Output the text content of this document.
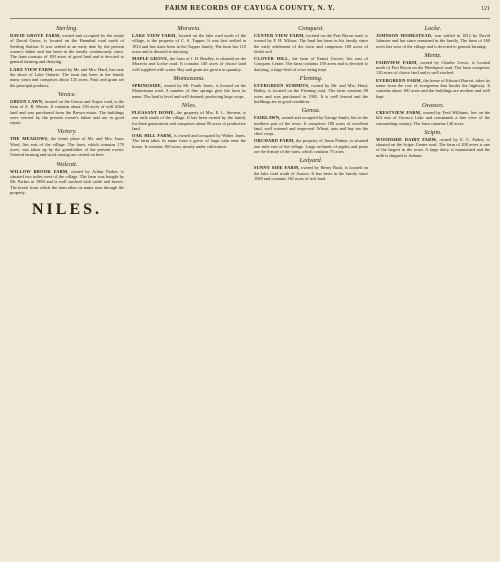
FARM RECORDS OF CAYUGA COUNTY, N. Y.	121
Sterling.

DAVID GROVE FARM, owned and occupied by the estate of David Grove, is located on the Hannibal road north of Sterling Station. It was settled at an early date by the present owner's father and has been in the family continuously since. The farm consists of 100 acres of good land and is devoted to general farming and dairying.

LAKE VIEW FARM, owned by Mr. and Mrs. Hurd, lies near the shore of Lake Ontario. The farm has been in the family many years and comprises about 125 acres. Fruit and grain are the principal products.

Venice.

GREEN LAWN, located on the Genoa and Scipio road, is the farm of A. B. Morris. It contains about 150 acres of well tilled land and was purchased from the Brown estate. The buildings were erected by the present owner's father and are in good repair.

Victory.

THE MEADOWS, the home place of Mr. and Mrs. Isaac Ward, lies east of the village. The farm, which contains 170 acres, was taken up by the grandfather of the present owner. General farming and stock raising are carried on here.

Wolcott.

WILLOW BROOK FARM, owned by Arthur Parker, is situated two miles west of the village. The farm was bought by Mr. Parker in 1889 and is well stocked with cattle and horses. The brook from which the farm takes its name runs through the property.

NILES.
Moravia.

LAKE VIEW FARM, located on the lake road north of the village, is the property of C. S. Tupper. It was first settled in 1812 and has since been in the Tupper family. The farm has 110 acres and is devoted to dairying.

MAPLE GROVE, the farm of J. H. Bradley, is situated on the Moravia and Locke road. It contains 140 acres of choice land well supplied with water. Hay and grain are grown in quantity.

Montezuma.

SPRINGSIDE, owned by Mr. Frank Jones, is located on the Montezuma road. A number of fine springs give the farm its name. The land is level and well drained, producing large crops.

Niles.

PLEASANT HOME, the property of Mrs. E. L. Stevens, is one mile south of the village. It has been owned by the family for three generations and comprises about 90 acres of productive land.

OAK HILL FARM, is owned and occupied by Walter Jones. The farm takes its name from a grove of large oaks near the house. It contains 160 acres, mostly under cultivation.

Conquest.

CENTER VIEW FARM, located on the Port Byron road, is owned by F. H. Wilson. The land has been in his family since the early settlement of the town and comprises 100 acres of fertile soil.

CLOVER HILL, the farm of Ernest Grover, lies east of Conquest Center. The farm contains 150 acres and is devoted to dairying, a large herd of cows being kept.

Fleming.

EVERGREEN SUMMITS, owned by Mr. and Mrs. Harry Bailey, is located on the Fleming road. The farm contains 90 acres and was purchased in 1902. It is well fenced and the buildings are in good condition.

Genoa.

FAIRLAWN, owned and occupied by George Smith, lies in the northern part of the town. It comprises 180 acres of excellent land, well watered and improved. Wheat, oats and hay are the chief crops.

ORCHARD FARM, the property of Jason Palmer, is situated one mile east of the village. Large orchards of apples and pears are the feature of the farm, which contains 75 acres.

Ledyard.

SUNNY SIDE FARM, owned by Henry Bush, is located on the lake road south of Aurora. It has been in the family since 1840 and contains 130 acres of rich land.

Locke.

JOHNSON HOMESTEAD, was settled in 1812 by David Johnson and has since remained in the family. The farm of 160 acres lies west of the village and is devoted to general farming.

Mentz.

FAIRVIEW FARM, owned by Charles Lewis, is located north of Port Byron on the Weedsport road. The farm comprises 120 acres of choice land and is well stocked.

EVERGREEN FARM, the home of Edward Barrett, takes its name from the row of evergreens that border the highway. It contains about 100 acres and the buildings are modern and well kept.

Owasco.

CRESTVIEW FARM, owned by Fred Williams, lies on the hill east of Owasco Lake and commands a fine view of the surrounding country. The farm contains 140 acres.

Scipio.

WOODSIDE DAIRY FARM, owned by E. C. Parker, is situated on the Scipio Center road. The farm of 200 acres is one of the largest in the town. A large dairy is maintained and the milk is shipped to Auburn.
